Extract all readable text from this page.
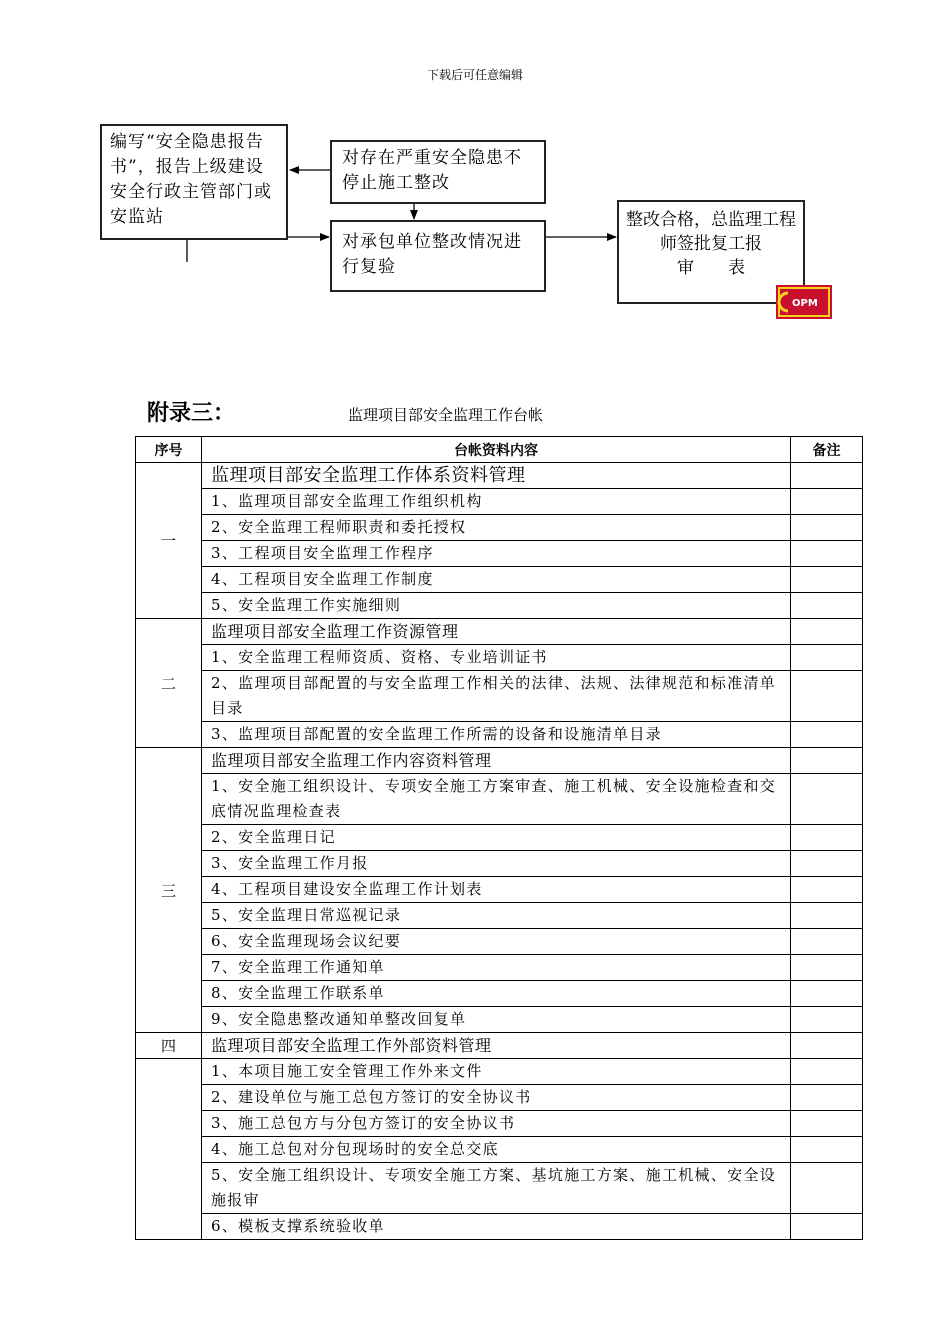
下载后可任意编辑
编写“安全隐患报告书”，报告上级建设安全行政主管部门或安监站
对存在严重安全隐患不停止施工整改
对承包单位整改情况进行复验
整改合格，总监理工程师签批复工报
审　　表
OPM
附录三：	监理项目部安全监理工作台帐
序号	台帐资料内容	备注
一	监理项目部安全监理工作体系资料管理	
	1、监理项目部安全监理工作组织机构	
	2、安全监理工程师职责和委托授权	
	3、工程项目安全监理工作程序	
	4、工程项目安全监理工作制度	
	5、安全监理工作实施细则	
二	监理项目部安全监理工作资源管理	
	1、安全监理工程师资质、资格、专业培训证书	
	2、监理项目部配置的与安全监理工作相关的法律、法规、法律规范和标准清单目录	
	3、监理项目部配置的安全监理工作所需的设备和设施清单目录	
三	监理项目部安全监理工作内容资料管理	
	1、安全施工组织设计、专项安全施工方案审查、施工机械、安全设施检查和交底情况监理检查表	
	2、安全监理日记	
	3、安全监理工作月报	
	4、工程项目建设安全监理工作计划表	
	5、安全监理日常巡视记录	
	6、安全监理现场会议纪要	
	7、安全监理工作通知单	
	8、安全监理工作联系单	
	9、安全隐患整改通知单整改回复单	
四	监理项目部安全监理工作外部资料管理	
	1、本项目施工安全管理工作外来文件	
	2、建设单位与施工总包方签订的安全协议书	
	3、施工总包方与分包方签订的安全协议书	
	4、施工总包对分包现场时的安全总交底	
	5、安全施工组织设计、专项安全施工方案、基坑施工方案、施工机械、安全设施报审	
	6、模板支撑系统验收单	
